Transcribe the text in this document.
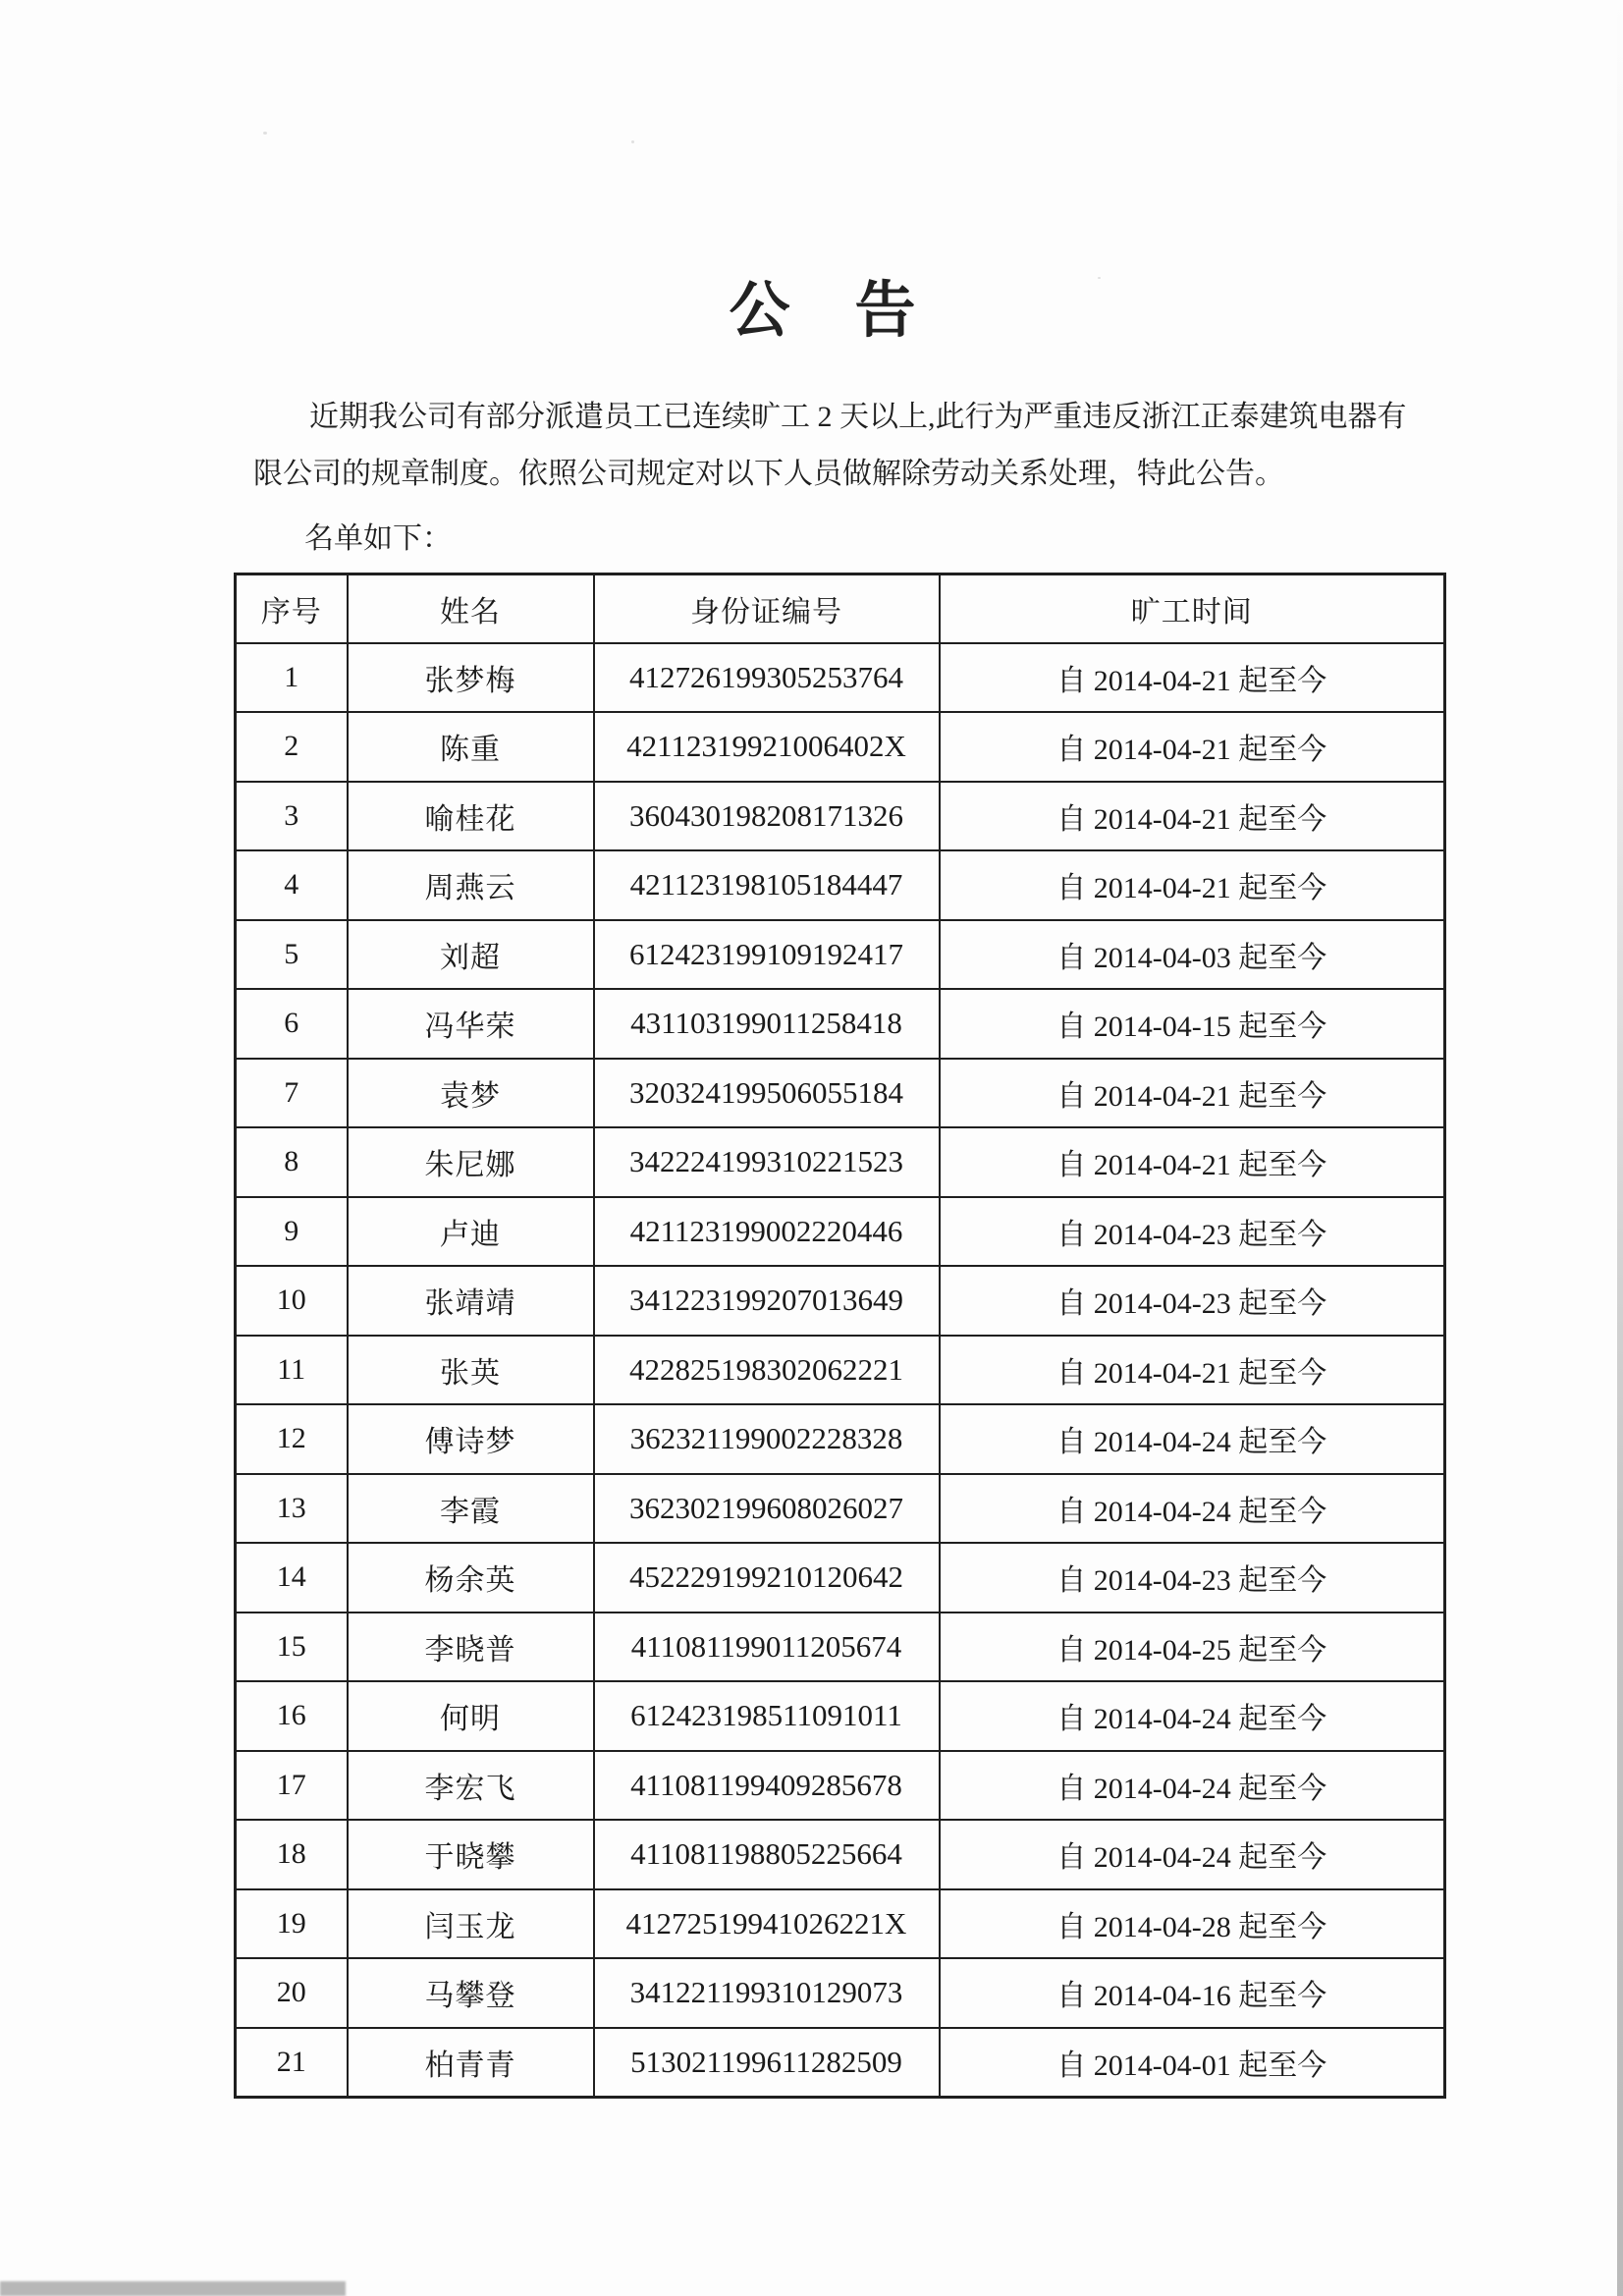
公　告
近期我公司有部分派遣员工已连续旷工 2 天以上,此行为严重违反浙江正泰建筑电器有
限公司的规章制度。依照公司规定对以下人员做解除劳动关系处理，特此公告。
名单如下：
序号	姓名	身份证编号	旷工时间
1	张梦梅	412726199305253764	自 2014-04-21 起至今
2	陈重	42112319921006402X	自 2014-04-21 起至今
3	喻桂花	360430198208171326	自 2014-04-21 起至今
4	周燕云	421123198105184447	自 2014-04-21 起至今
5	刘超	612423199109192417	自 2014-04-03 起至今
6	冯华荣	431103199011258418	自 2014-04-15 起至今
7	袁梦	320324199506055184	自 2014-04-21 起至今
8	朱尼娜	342224199310221523	自 2014-04-21 起至今
9	卢迪	421123199002220446	自 2014-04-23 起至今
10	张靖靖	341223199207013649	自 2014-04-23 起至今
11	张英	422825198302062221	自 2014-04-21 起至今
12	傅诗梦	362321199002228328	自 2014-04-24 起至今
13	李霞	362302199608026027	自 2014-04-24 起至今
14	杨余英	452229199210120642	自 2014-04-23 起至今
15	李晓普	411081199011205674	自 2014-04-25 起至今
16	何明	612423198511091011	自 2014-04-24 起至今
17	李宏飞	411081199409285678	自 2014-04-24 起至今
18	于晓攀	411081198805225664	自 2014-04-24 起至今
19	闫玉龙	41272519941026221X	自 2014-04-28 起至今
20	马攀登	341221199310129073	自 2014-04-16 起至今
21	柏青青	513021199611282509	自 2014-04-01 起至今
